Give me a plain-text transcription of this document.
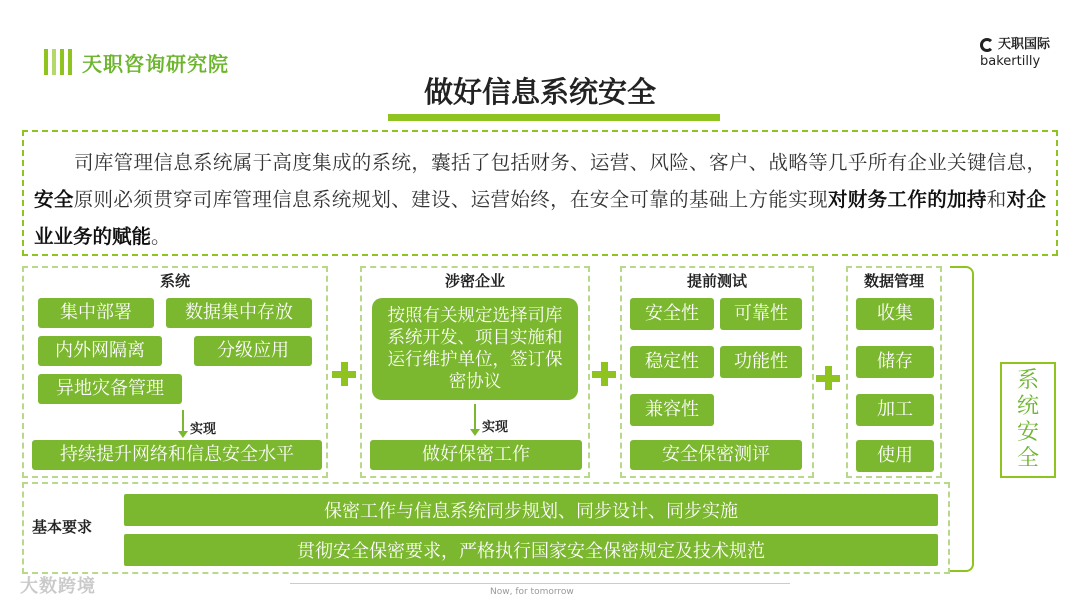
天职咨询研究院
天职国际
bakertilly
做好信息系统安全
司库管理信息系统属于高度集成的系统，囊括了包括财务、运营、风险、客户、战略等几乎所有企业关键信息，安全原则必须贯穿司库管理信息系统规划、建设、运营始终，在安全可靠的基础上方能实现对财务工作的加持和对企业业务的赋能。
系统
集中部署	数据集中存放
内外网隔离	分级应用
异地灾备管理
实现
持续提升网络和信息安全水平
涉密企业
按照有关规定选择司库系统开发、项目实施和运行维护单位，签订保密协议
实现
做好保密工作
提前测试
安全性	可靠性
稳定性	功能性
兼容性
安全保密测评
数据管理
收集
储存
加工
使用
系统安全
保密工作与信息系统同步规划、同步设计、同步实施
贯彻安全保密要求，严格执行国家安全保密规定及技术规范
基本要求
Now, for tomorrow
大数跨境
